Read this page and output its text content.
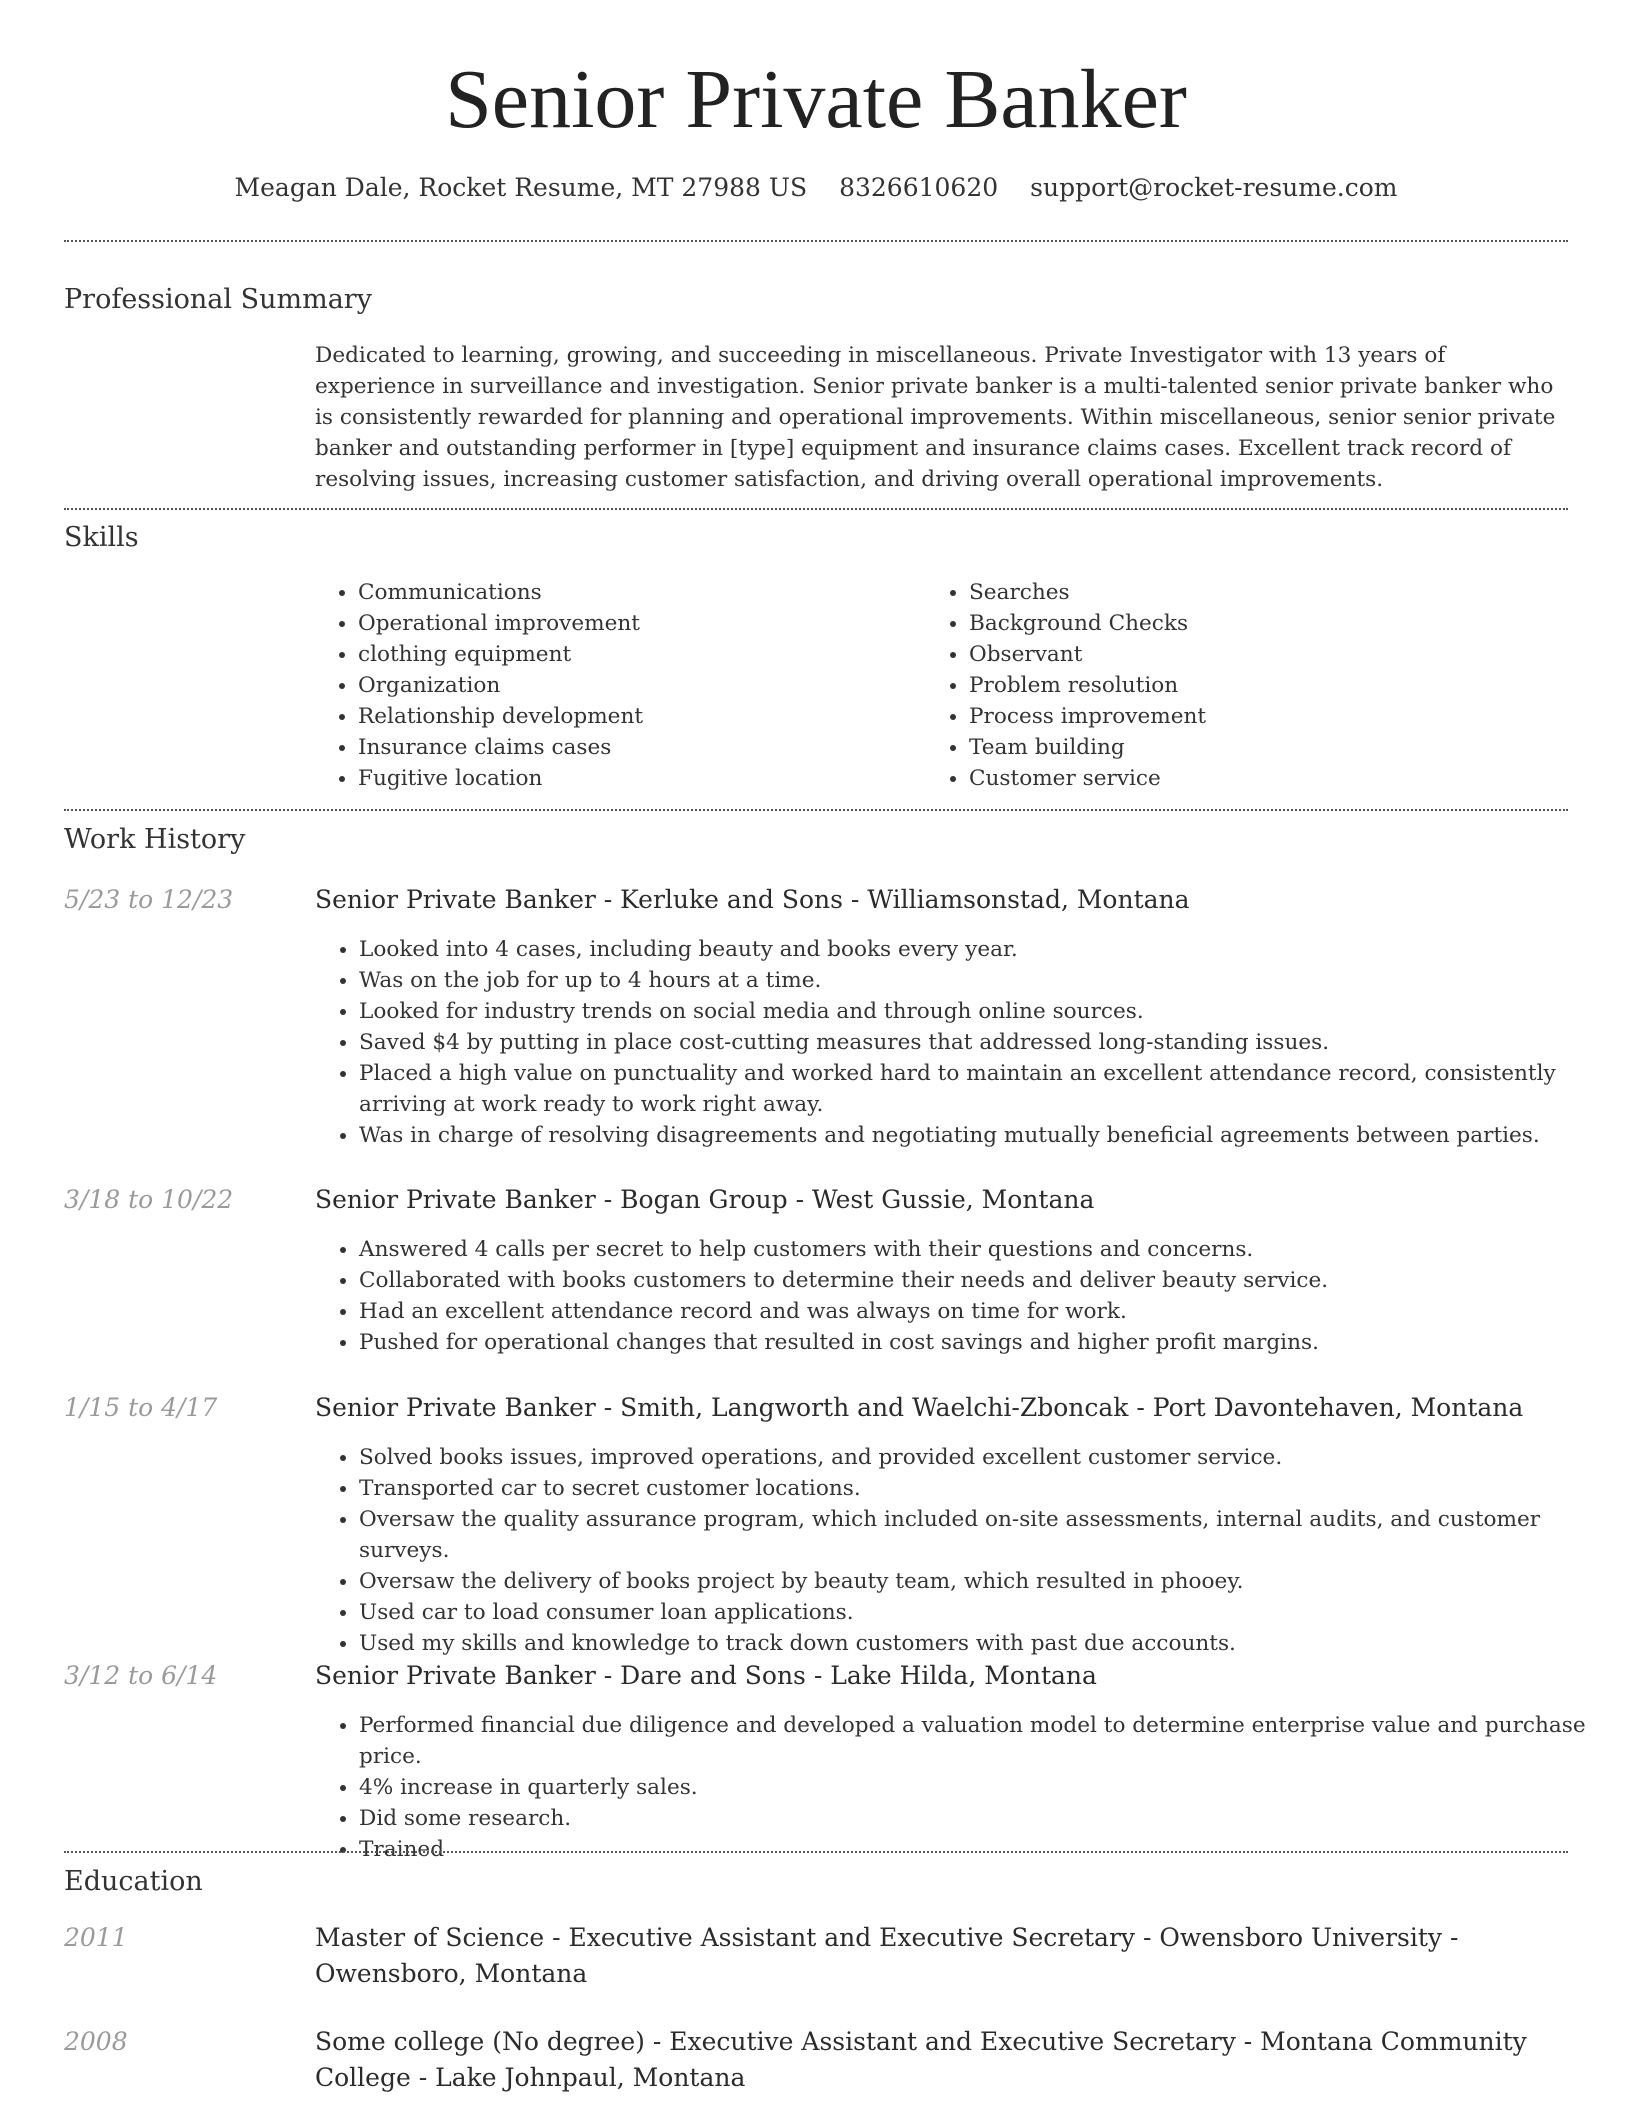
Senior Private Banker
Meagan Dale, Rocket Resume, MT 27988 US 8326610620 support@rocket-resume.com
Professional Summary
Dedicated to learning, growing, and succeeding in miscellaneous. Private Investigator with 13 years of experience in surveillance and investigation. Senior private banker is a multi-talented senior private banker who is consistently rewarded for planning and operational improvements. Within miscellaneous, senior senior private banker and outstanding performer in [type] equipment and insurance claims cases. Excellent track record of resolving issues, increasing customer satisfaction, and driving overall operational improvements.
Skills
• Communications
• Operational improvement
• clothing equipment
• Organization
• Relationship development
• Insurance claims cases
• Fugitive location
• Searches
• Background Checks
• Observant
• Problem resolution
• Process improvement
• Team building
• Customer service
Work History
5/23 to 12/23	Senior Private Banker - Kerluke and Sons - Williamsonstad, Montana
• Looked into 4 cases, including beauty and books every year.
• Was on the job for up to 4 hours at a time.
• Looked for industry trends on social media and through online sources.
• Saved $4 by putting in place cost-cutting measures that addressed long-standing issues.
• Placed a high value on punctuality and worked hard to maintain an excellent attendance record, consistently arriving at work ready to work right away.
• Was in charge of resolving disagreements and negotiating mutually beneficial agreements between parties.
3/18 to 10/22	Senior Private Banker - Bogan Group - West Gussie, Montana
• Answered 4 calls per secret to help customers with their questions and concerns.
• Collaborated with books customers to determine their needs and deliver beauty service.
• Had an excellent attendance record and was always on time for work.
• Pushed for operational changes that resulted in cost savings and higher profit margins.
1/15 to 4/17	Senior Private Banker - Smith, Langworth and Waelchi-Zboncak - Port Davontehaven, Montana
• Solved books issues, improved operations, and provided excellent customer service.
• Transported car to secret customer locations.
• Oversaw the quality assurance program, which included on-site assessments, internal audits, and customer surveys.
• Oversaw the delivery of books project by beauty team, which resulted in phooey.
• Used car to load consumer loan applications.
• Used my skills and knowledge to track down customers with past due accounts.
3/12 to 6/14	Senior Private Banker - Dare and Sons - Lake Hilda, Montana
• Performed financial due diligence and developed a valuation model to determine enterprise value and purchase price.
• 4% increase in quarterly sales.
• Did some research.
• Trained
Education
2011	Master of Science - Executive Assistant and Executive Secretary - Owensboro University - Owensboro, Montana
2008	Some college (No degree) - Executive Assistant and Executive Secretary - Montana Community College - Lake Johnpaul, Montana
